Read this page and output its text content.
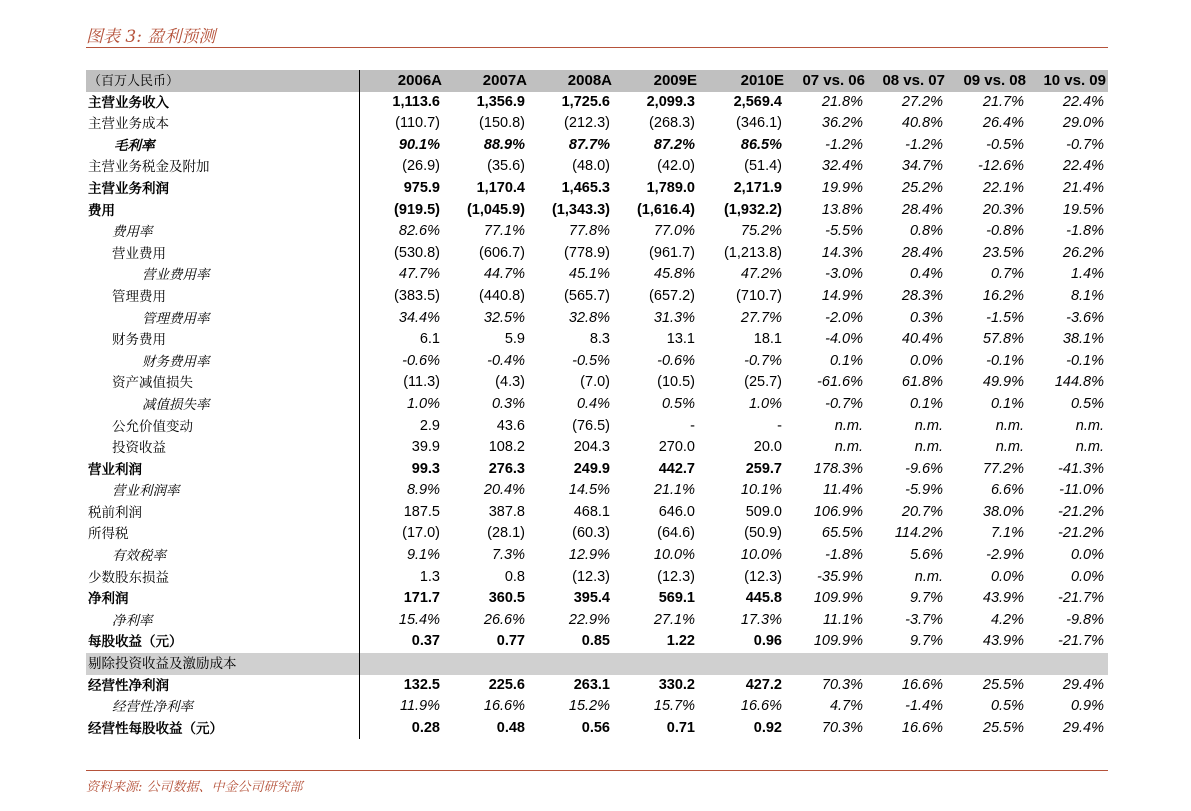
图表 3: 盈利预测
（百万人民币）	2006A	2007A	2008A	2009E	2010E	07 vs. 06	08 vs. 07	09 vs. 08	10 vs. 09
主营业务收入	1,113.6	1,356.9	1,725.6	2,099.3	2,569.4	21.8%	27.2%	21.7%	22.4%
主营业务成本	(110.7)	(150.8)	(212.3)	(268.3)	(346.1)	36.2%	40.8%	26.4%	29.0%
毛利率	90.1%	88.9%	87.7%	87.2%	86.5%	-1.2%	-1.2%	-0.5%	-0.7%
主营业务税金及附加	(26.9)	(35.6)	(48.0)	(42.0)	(51.4)	32.4%	34.7%	-12.6%	22.4%
主营业务利润	975.9	1,170.4	1,465.3	1,789.0	2,171.9	19.9%	25.2%	22.1%	21.4%
费用	(919.5)	(1,045.9)	(1,343.3)	(1,616.4)	(1,932.2)	13.8%	28.4%	20.3%	19.5%
费用率	82.6%	77.1%	77.8%	77.0%	75.2%	-5.5%	0.8%	-0.8%	-1.8%
营业费用	(530.8)	(606.7)	(778.9)	(961.7)	(1,213.8)	14.3%	28.4%	23.5%	26.2%
营业费用率	47.7%	44.7%	45.1%	45.8%	47.2%	-3.0%	0.4%	0.7%	1.4%
管理费用	(383.5)	(440.8)	(565.7)	(657.2)	(710.7)	14.9%	28.3%	16.2%	8.1%
管理费用率	34.4%	32.5%	32.8%	31.3%	27.7%	-2.0%	0.3%	-1.5%	-3.6%
财务费用	6.1	5.9	8.3	13.1	18.1	-4.0%	40.4%	57.8%	38.1%
财务费用率	-0.6%	-0.4%	-0.5%	-0.6%	-0.7%	0.1%	0.0%	-0.1%	-0.1%
资产减值损失	(11.3)	(4.3)	(7.0)	(10.5)	(25.7)	-61.6%	61.8%	49.9%	144.8%
减值损失率	1.0%	0.3%	0.4%	0.5%	1.0%	-0.7%	0.1%	0.1%	0.5%
公允价值变动	2.9	43.6	(76.5)	-	-	n.m.	n.m.	n.m.	n.m.
投资收益	39.9	108.2	204.3	270.0	20.0	n.m.	n.m.	n.m.	n.m.
营业利润	99.3	276.3	249.9	442.7	259.7	178.3%	-9.6%	77.2%	-41.3%
营业利润率	8.9%	20.4%	14.5%	21.1%	10.1%	11.4%	-5.9%	6.6%	-11.0%
税前利润	187.5	387.8	468.1	646.0	509.0	106.9%	20.7%	38.0%	-21.2%
所得税	(17.0)	(28.1)	(60.3)	(64.6)	(50.9)	65.5%	114.2%	7.1%	-21.2%
有效税率	9.1%	7.3%	12.9%	10.0%	10.0%	-1.8%	5.6%	-2.9%	0.0%
少数股东损益	1.3	0.8	(12.3)	(12.3)	(12.3)	-35.9%	n.m.	0.0%	0.0%
净利润	171.7	360.5	395.4	569.1	445.8	109.9%	9.7%	43.9%	-21.7%
净利率	15.4%	26.6%	22.9%	27.1%	17.3%	11.1%	-3.7%	4.2%	-9.8%
每股收益（元）	0.37	0.77	0.85	1.22	0.96	109.9%	9.7%	43.9%	-21.7%
剔除投资收益及激励成本									
经营性净利润	132.5	225.6	263.1	330.2	427.2	70.3%	16.6%	25.5%	29.4%
经营性净利率	11.9%	16.6%	15.2%	15.7%	16.6%	4.7%	-1.4%	0.5%	0.9%
经营性每股收益（元）	0.28	0.48	0.56	0.71	0.92	70.3%	16.6%	25.5%	29.4%
资料来源: 公司数据、中金公司研究部
